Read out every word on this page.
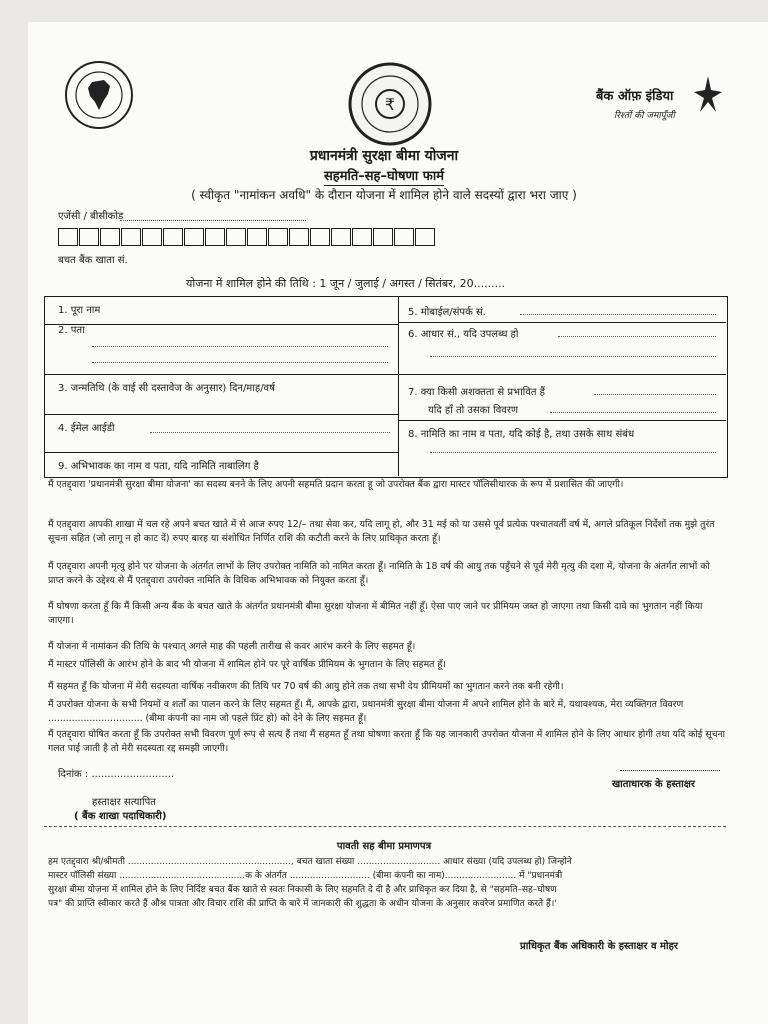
₹	बैंक ऑफ़ इंडिया
रिश्तों की जमापूँजी
प्रधानमंत्री सुरक्षा बीमा योजना
सहमति–सह–घोषणा फार्म
( स्वीकृत "नामांकन अवधि" के दौरान योजना में शामिल होने वाले सदस्यों द्वारा भरा जाए )
एजेंसी / बीसीकोड
बचत बैंक खाता सं.
योजना में शामिल होने की तिथि : 1 जून / जुलाई / अगस्त / सितंबर, 20.........
1. पूरा नाम
2. पता
3. जन्मतिथि (के वाई सी दस्तावेज के अनुसार) दिन/माह/वर्ष
4. ईमेल आईडी
9. अभिभावक का नाम व पता, यदि नामिति नाबालिग है
5. मोबाईल/संपर्क सं.
6. आधार सं., यदि उपलब्ध हो
7. क्या किसी अशक्तता से प्रभावित हैं
यदि हाँ तो उसका विवरण
8. नामिति का नाम व पता, यदि कोई है, तथा उसके साथ संबंध
मैं एतद्द्वारा 'प्रधानमंत्री सुरक्षा बीमा योजना' का सदस्य बनने के लिए अपनी सहमति प्रदान करता हू जो उपरोक्त बैंक द्वारा मास्टर पॉलिसीधारक के रूप में प्रशासित की जाएगी।
मैं एतद्द्वारा आपकी शाखा में चल रहे अपने बचत खाते में से आज रुपए 12/– तथा सेवा कर, यदि लागू हो, और 31 मई को या उससे पूर्व प्रत्येक पश्चातवर्ती वर्ष में, अगले प्रतिकूल निर्देशों तक मुझे तुरंत सूचना सहित (जो लागू न हो काट दें) रुपए बारह या संशोधित निर्णित राशि की कटौती करने के लिए प्राधिकृत करता हूँ।
मैं एतद्द्वारा अपनी मृत्यु होने पर योजना के अंतर्गत लाभों के लिए उपरोक्त नामिति को नामित करता हूँ। नामिति के 18 वर्ष की आयु तक पहुँचने से पूर्व मेरी मृत्यु की दशा में, योजना के अंतर्गत लाभों को प्राप्त करने के उद्देश्य से मैं एतद्द्वारा उपरोक्त नामिति के विधिक अभिभावक को नियुक्त करता हूँ।
मैं घोषणा करता हूँ कि मैं किसी अन्य बैंक के बचत खाते के अंतर्गत प्रधानमंत्री बीमा सुरक्षा योजना में बीमित नहीं हूँ। ऐसा पाए जाने पर प्रीमियम जब्त हो जाएगा तथा किसी दावे का भुगतान नहीं किया जाएगा।
मैं योजना में नामांकन की तिथि के पश्चात् अगले माह की पहली तारीख से कवर आरंभ करने के लिए सहमत हूँ।
मैं मास्टर पॉलिसी के आरंभ होने के बाद भी योजना में शामिल होने पर पूरे वार्षिक प्रीमियम के भुगतान के लिए सहमत हूँ।
मैं सहमत हूँ कि योजना में मेरी सदस्यता वार्षिक नवीकरण की तिथि पर 70 वर्ष की आयु होने तक तथा सभी देय प्रीमियमों का भुगतान करने तक बनी रहेगी।
मैं उपरोक्त योजना के सभी नियमों व शर्तों का पालन करने के लिए सहमत हूँ। मैं, आपके द्वारा, प्रधानमंत्री सुरक्षा बीमा योजना में अपने शामिल होने के बारे में, यथावश्यक, मेरा व्यक्तिगत विवरण ................................ (बीमा कंपनी का नाम जो पहले प्रिंट हो) को देने के लिए सहमत हूँ।
मैं एतद्द्वारा घोषित करता हूँ कि उपरोक्त सभी विवरण पूर्ण रूप से सत्य हैं तथा मैं सहमत हूँ तथा घोषणा करता हूँ कि यह जानकारी उपरोक्त योजना में शामिल होने के लिए आधार होगी तथा यदि कोई सूचना गलत पाई जाती है तो मेरी सदस्यता रद्द समझी जाएगी।
दिनांक : ..........................
खाताधारक के हस्ताक्षर
हस्ताक्षर सत्यापित
( बैंक शाखा पदाधिकारी)
पावती सह बीमा प्रमाणपत्र
हम एतद्द्वारा श्री/श्रीमती ........................................................., बचत खाता संख्या ............................. आधार संख्या (यदि उपलब्ध हो) जिन्होने
मास्टर पॉलिसी संख्या ............................................क के अंतर्गत ............................ (बीमा कंपनी का नाम)......................... में "प्रधानमंत्री
सुरक्षा बीमा योजना में शामिल होने के लिए निर्दिष्ट बचत बैंक खाते से स्वतः निकासी के लिए सहमति दे दी है और प्राधिकृत कर दिया है, से "सहमति–सह–घोषण
पत्र" की प्राप्ति स्वीकार करते हैं औश्र पात्रता और विचार राशि की प्राप्ति के बारे में जानकारी की शुद्धता के अधीन योजना के अनुसार कवरेज प्रमाणित करते हैं।'
प्राधिकृत बैंक अधिकारी के हस्ताक्षर व मोहर
